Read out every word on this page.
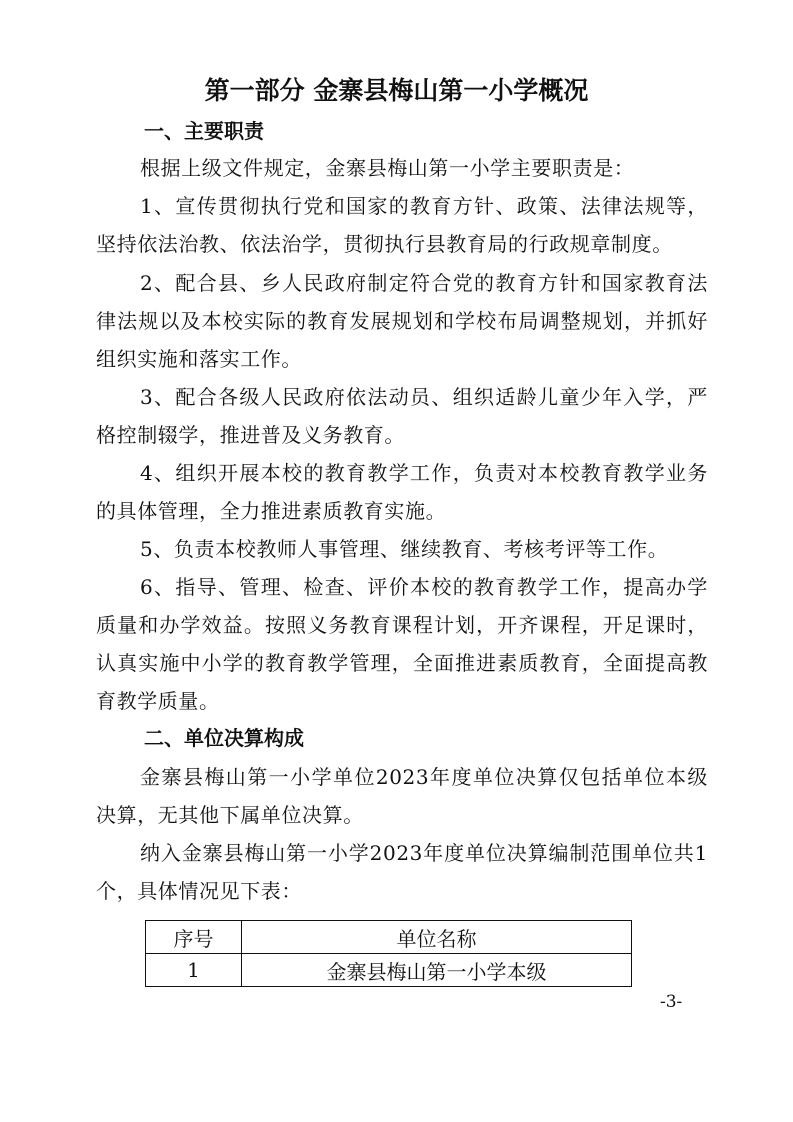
第一部分 金寨县梅山第一小学概况
一、主要职责

根据上级文件规定，金寨县梅山第一小学主要职责是：

1、宣传贯彻执行党和国家的教育方针、政策、法律法规等，坚持依法治教、依法治学，贯彻执行县教育局的行政规章制度。

2、配合县、乡人民政府制定符合党的教育方针和国家教育法律法规以及本校实际的教育发展规划和学校布局调整规划，并抓好组织实施和落实工作。

3、配合各级人民政府依法动员、组织适龄儿童少年入学，严格控制辍学，推进普及义务教育。

4、组织开展本校的教育教学工作，负责对本校教育教学业务的具体管理，全力推进素质教育实施。

5、负责本校教师人事管理、继续教育、考核考评等工作。

6、指导、管理、检查、评价本校的教育教学工作，提高办学质量和办学效益。按照义务教育课程计划，开齐课程，开足课时，认真实施中小学的教育教学管理，全面推进素质教育，全面提高教育教学质量。

二、单位决算构成

金寨县梅山第一小学单位2023年度单位决算仅包括单位本级决算，无其他下属单位决算。

纳入金寨县梅山第一小学2023年度单位决算编制范围单位共1个，具体情况见下表：

序号	单位名称
1	金寨县梅山第一小学本级
-3-
